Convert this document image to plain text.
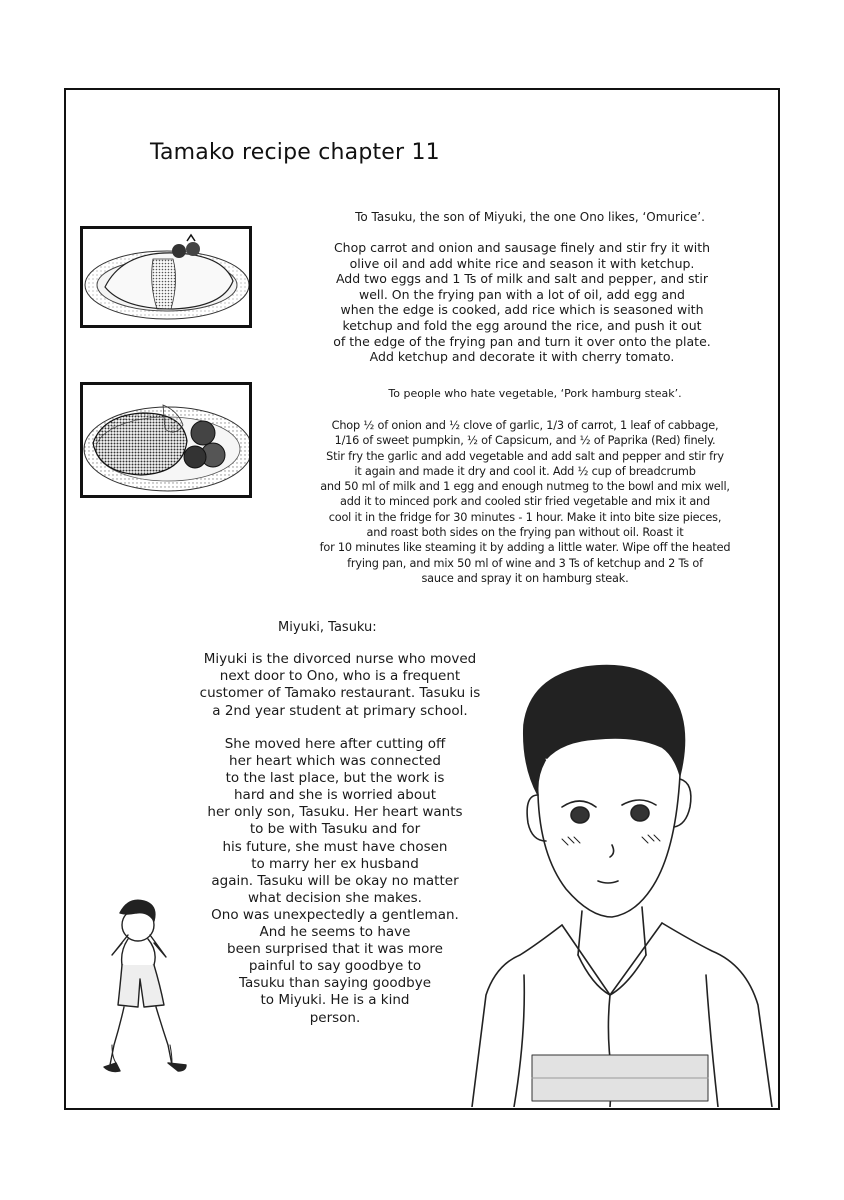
Tamako recipe chapter 11
To Tasuku, the son of Miyuki, the one Ono likes, ‘Omurice’.
Chop carrot and onion and sausage finely and stir fry it with
olive oil and add white rice and season it with ketchup.
Add two eggs and 1 Ts of milk and salt and pepper, and stir
well. On the frying pan with a lot of oil, add egg and
when the edge is cooked, add rice which is seasoned with
ketchup and fold the egg around the rice, and push it out
of the edge of the frying pan and turn it over onto the plate.
Add ketchup and decorate it with cherry tomato.
To people who hate vegetable, ‘Pork hamburg steak’.
Chop ½ of onion and ½ clove of garlic, 1/3 of carrot, 1 leaf of cabbage,
1/16 of sweet pumpkin, ½ of Capsicum, and ½ of Paprika (Red) finely.
Stir fry the garlic and add vegetable and add salt and pepper and stir fry
it again and made it dry and cool it. Add ½ cup of breadcrumb
and 50 ml of milk and 1 egg and enough nutmeg to the bowl and mix well,
add it to minced pork and cooled stir fried vegetable and mix it and
cool it in the fridge for 30 minutes - 1 hour. Make it into bite size pieces,
and roast both sides on the frying pan without oil. Roast it
for 10 minutes like steaming it by adding a little water. Wipe off the heated
frying pan, and mix 50 ml of wine and 3 Ts of ketchup and 2 Ts of
sauce and spray it on hamburg steak.
Miyuki, Tasuku:
Miyuki is the divorced nurse who moved
next door to Ono, who is a frequent
customer of Tamako restaurant. Tasuku is
a 2nd year student at primary school.
She moved here after cutting off
her heart which was connected
to the last place, but the work is
hard and she is worried about
her only son, Tasuku. Her heart wants
to be with Tasuku and for
his future, she must have chosen
to marry her ex husband
again. Tasuku will be okay no matter
what decision she makes.
Ono was unexpectedly a gentleman.
And he seems to have
been surprised that it was more
painful to say goodbye to
Tasuku than saying goodbye
to Miyuki. He is a kind
person.
